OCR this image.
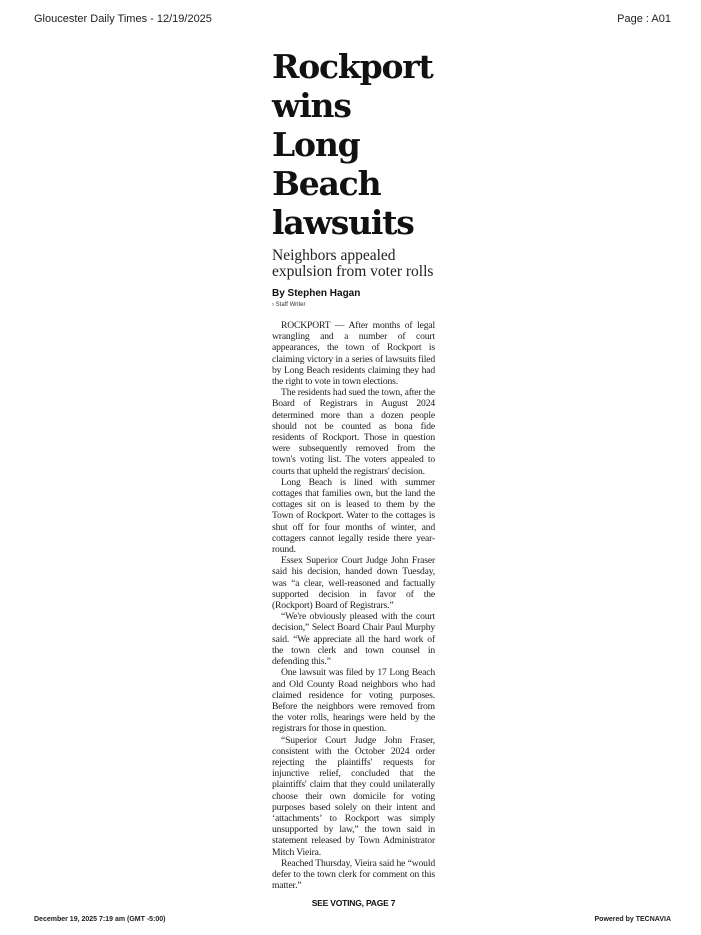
Gloucester Daily Times - 12/19/2025	Page : A01
Rockport wins Long Beach lawsuits
Neighbors appealed expulsion from voter rolls
By Stephen Hagan
› Staff Writer

ROCKPORT — After months of legal wrangling and a number of court appearances, the town of Rockport is claiming victory in a series of lawsuits filed by Long Beach residents claiming they had the right to vote in town elections.

The residents had sued the town, after the Board of Registrars in August 2024 determined more than a dozen people should not be counted as bona fide residents of Rockport. Those in question were subsequently removed from the town's voting list. The voters appealed to courts that upheld the registrars' decision.

Long Beach is lined with summer cottages that families own, but the land the cottages sit on is leased to them by the Town of Rockport. Water to the cottages is shut off for four months of winter, and cottagers cannot legally reside there year-round.

Essex Superior Court Judge John Fraser said his decision, handed down Tuesday, was “a clear, well-reasoned and factually supported decision in favor of the (Rockport) Board of Registrars.”

“We're obviously pleased with the court decision,” Select Board Chair Paul Murphy said. “We appreciate all the hard work of the town clerk and town counsel in defending this.”

One lawsuit was filed by 17 Long Beach and Old County Road neighbors who had claimed residence for voting purposes. Before the neighbors were removed from the voter rolls, hearings were held by the registrars for those in question.

“Superior Court Judge John Fraser, consistent with the October 2024 order rejecting the plaintiffs' requests for injunctive relief, concluded that the plaintiffs' claim that they could unilaterally choose their own domicile for voting purposes based solely on their intent and ‘attachments’ to Rockport was simply unsupported by law,” the town said in statement released by Town Administrator Mitch Vieira.

Reached Thursday, Vieira said he “would defer to the town clerk for comment on this matter.”

SEE VOTING, PAGE 7
December 19, 2025 7:19 am (GMT -5:00)	Powered by TECNAVIA
